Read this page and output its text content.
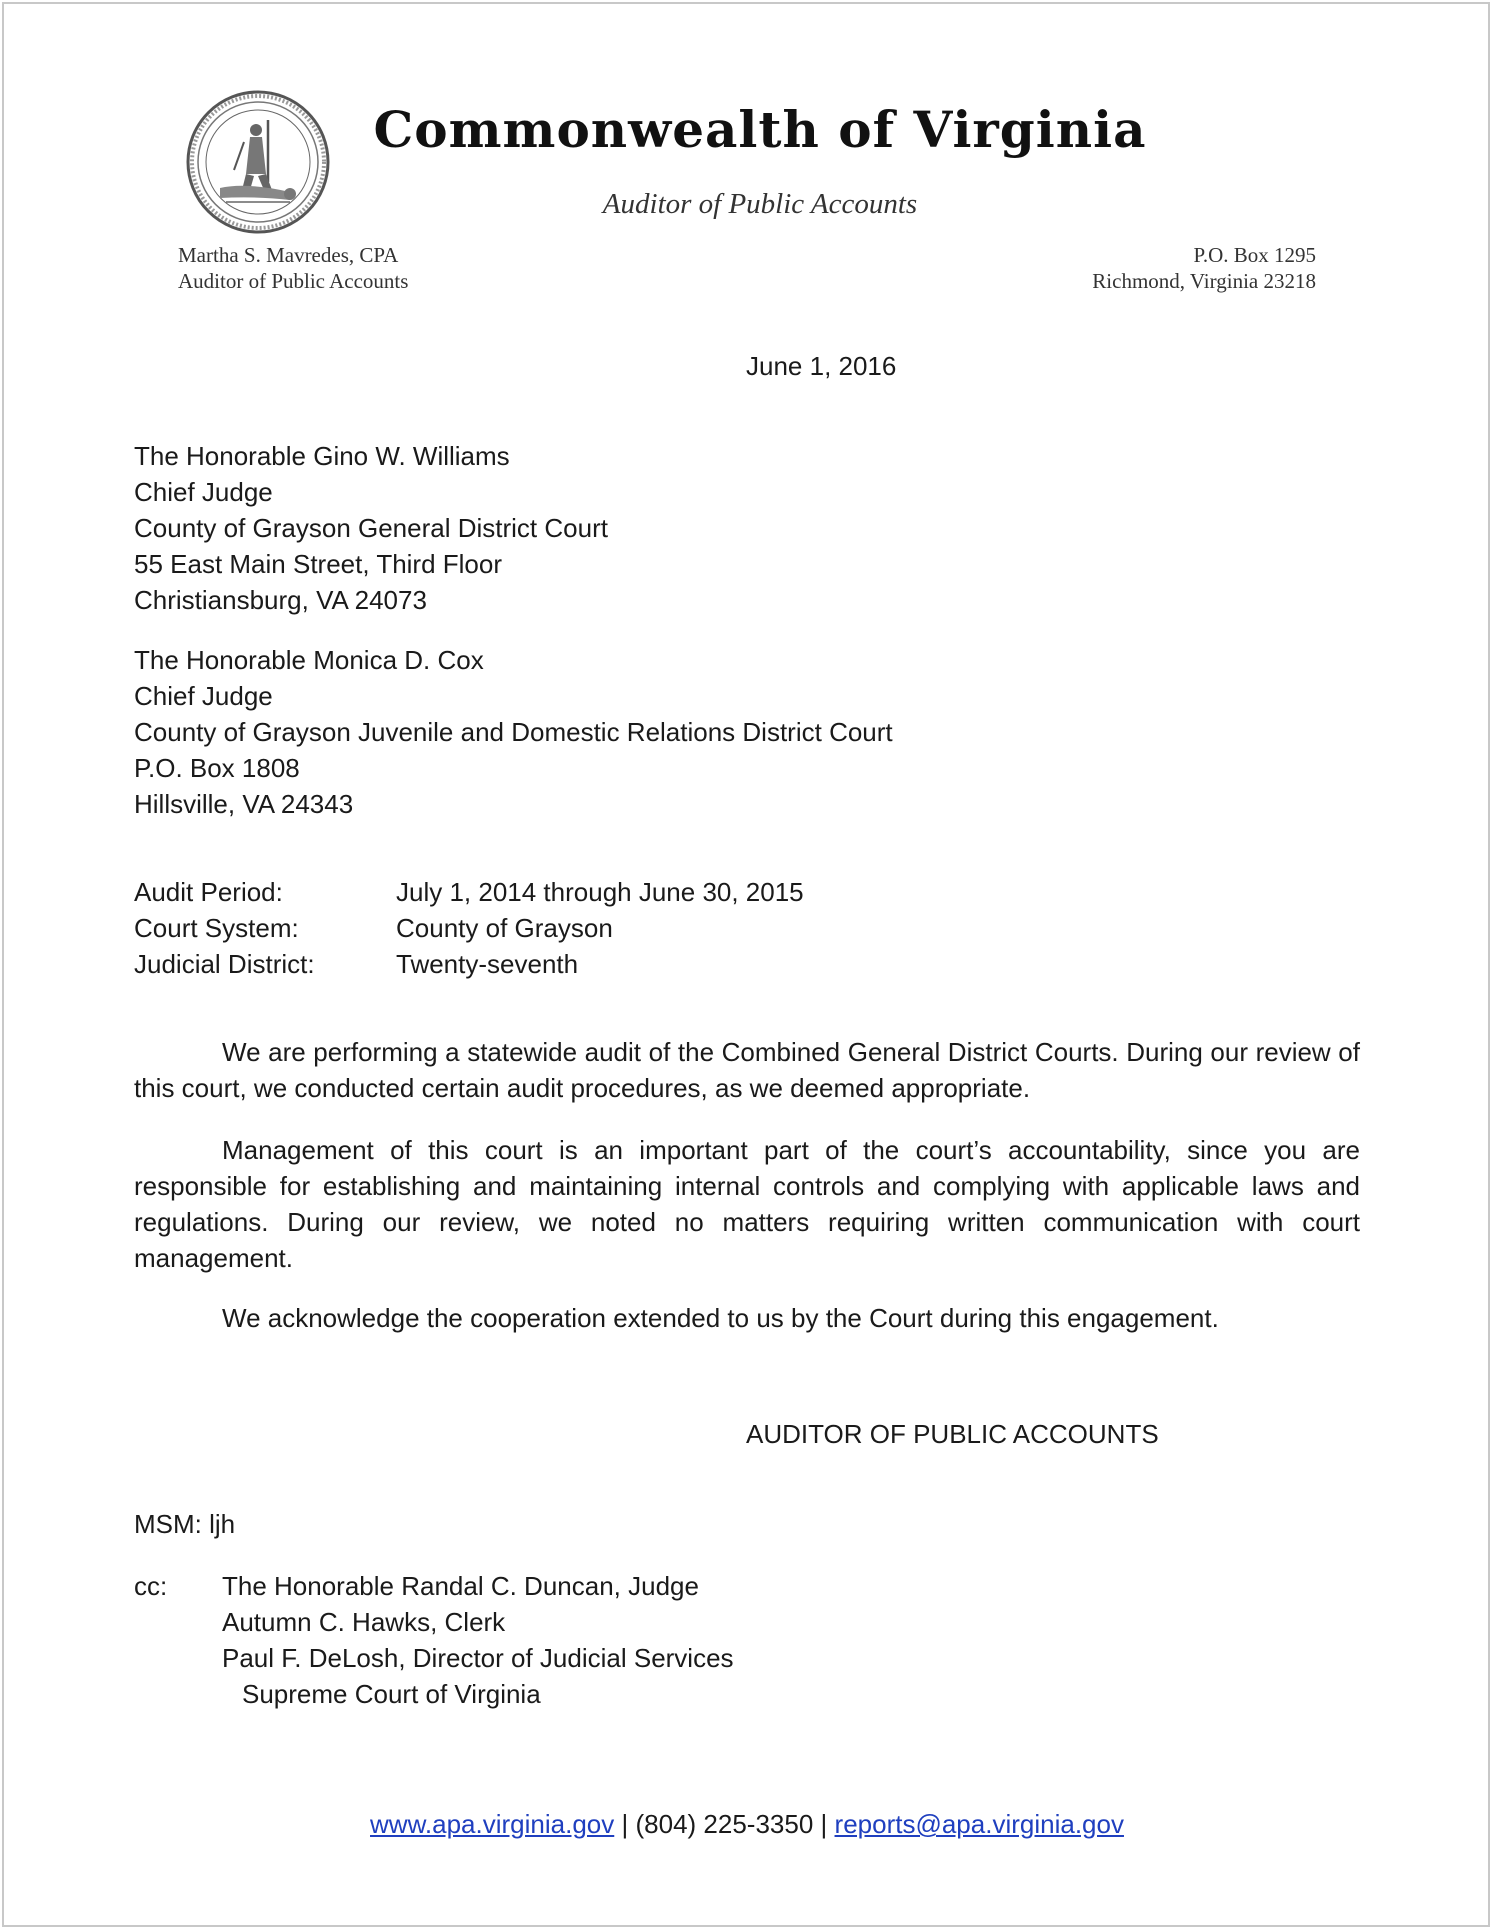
Commonwealth of Virginia
Auditor of Public Accounts
Martha S. Mavredes, CPA
Auditor of Public Accounts
P.O. Box 1295
Richmond, Virginia 23218
June 1, 2016
The Honorable Gino W. Williams
Chief Judge
County of Grayson General District Court
55 East Main Street, Third Floor
Christiansburg, VA 24073
The Honorable Monica D. Cox
Chief Judge
County of Grayson Juvenile and Domestic Relations District Court
P.O. Box 1808
Hillsville, VA 24343
Audit Period:	July 1, 2014 through June 30, 2015
Court System:	County of Grayson
Judicial District:	Twenty-seventh
We are performing a statewide audit of the Combined General District Courts. During our review of this court, we conducted certain audit procedures, as we deemed appropriate.
Management of this court is an important part of the court’s accountability, since you are responsible for establishing and maintaining internal controls and complying with applicable laws and regulations. During our review, we noted no matters requiring written communication with court management.
We acknowledge the cooperation extended to us by the Court during this engagement.
AUDITOR OF PUBLIC ACCOUNTS
MSM: ljh
cc:	The Honorable Randal C. Duncan, Judge
Autumn C. Hawks, Clerk
Paul F. DeLosh, Director of Judicial Services
Supreme Court of Virginia
www.apa.virginia.gov | (804) 225-3350 | reports@apa.virginia.gov
